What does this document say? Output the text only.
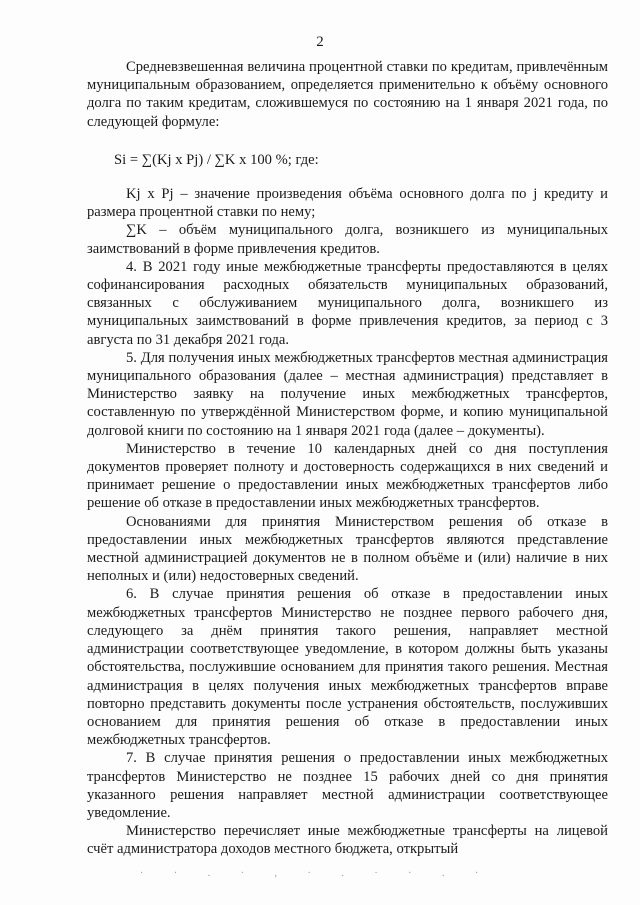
2

Средневзвешенная величина процентной ставки по кредитам, привлечённым муниципальным образованием, определяется применительно к объёму основного долга по таким кредитам, сложившемуся по состоянию на 1 января 2021 года, по следующей формуле:

Si = ∑(Kj x Pj) / ∑K x 100 %; где:

Kj x Pj – значение произведения объёма основного долга по j кредиту и размера процентной ставки по нему;

∑K – объём муниципального долга, возникшего из муниципальных заимствований в форме привлечения кредитов.

4. В 2021 году иные межбюджетные трансферты предоставляются в целях софинансирования расходных обязательств муниципальных образований, связанных с обслуживанием муниципального долга, возникшего из муниципальных заимствований в форме привлечения кредитов, за период с 3 августа по 31 декабря 2021 года.

5. Для получения иных межбюджетных трансфертов местная администрация муниципального образования (далее – местная администрация) представляет в Министерство заявку на получение иных межбюджетных трансфертов, составленную по утверждённой Министерством форме, и копию муниципальной долговой книги по состоянию на 1 января 2021 года (далее – документы).

Министерство в течение 10 календарных дней со дня поступления документов проверяет полноту и достоверность содержащихся в них сведений и принимает решение о предоставлении иных межбюджетных трансфертов либо решение об отказе в предоставлении иных межбюджетных трансфертов.

Основаниями для принятия Министерством решения об отказе в предоставлении иных межбюджетных трансфертов являются представление местной администрацией документов не в полном объёме и (или) наличие в них неполных и (или) недостоверных сведений.

6. В случае принятия решения об отказе в предоставлении иных межбюджетных трансфертов Министерство не позднее первого рабочего дня, следующего за днём принятия такого решения, направляет местной администрации соответствующее уведомление, в котором должны быть указаны обстоятельства, послужившие основанием для принятия такого решения. Местная администрация в целях получения иных межбюджетных трансфертов вправе повторно представить документы после устранения обстоятельств, послуживших основанием для принятия решения об отказе в предоставлении иных межбюджетных трансфертов.

7. В случае принятия решения о предоставлении иных межбюджетных трансфертов Министерство не позднее 15 рабочих дней со дня принятия указанного решения направляет местной администрации соответствующее уведомление.

Министерство перечисляет иные межбюджетные трансферты на лицевой счёт администратора доходов местного бюджета, открытый

· · . · , · . · · . ·
